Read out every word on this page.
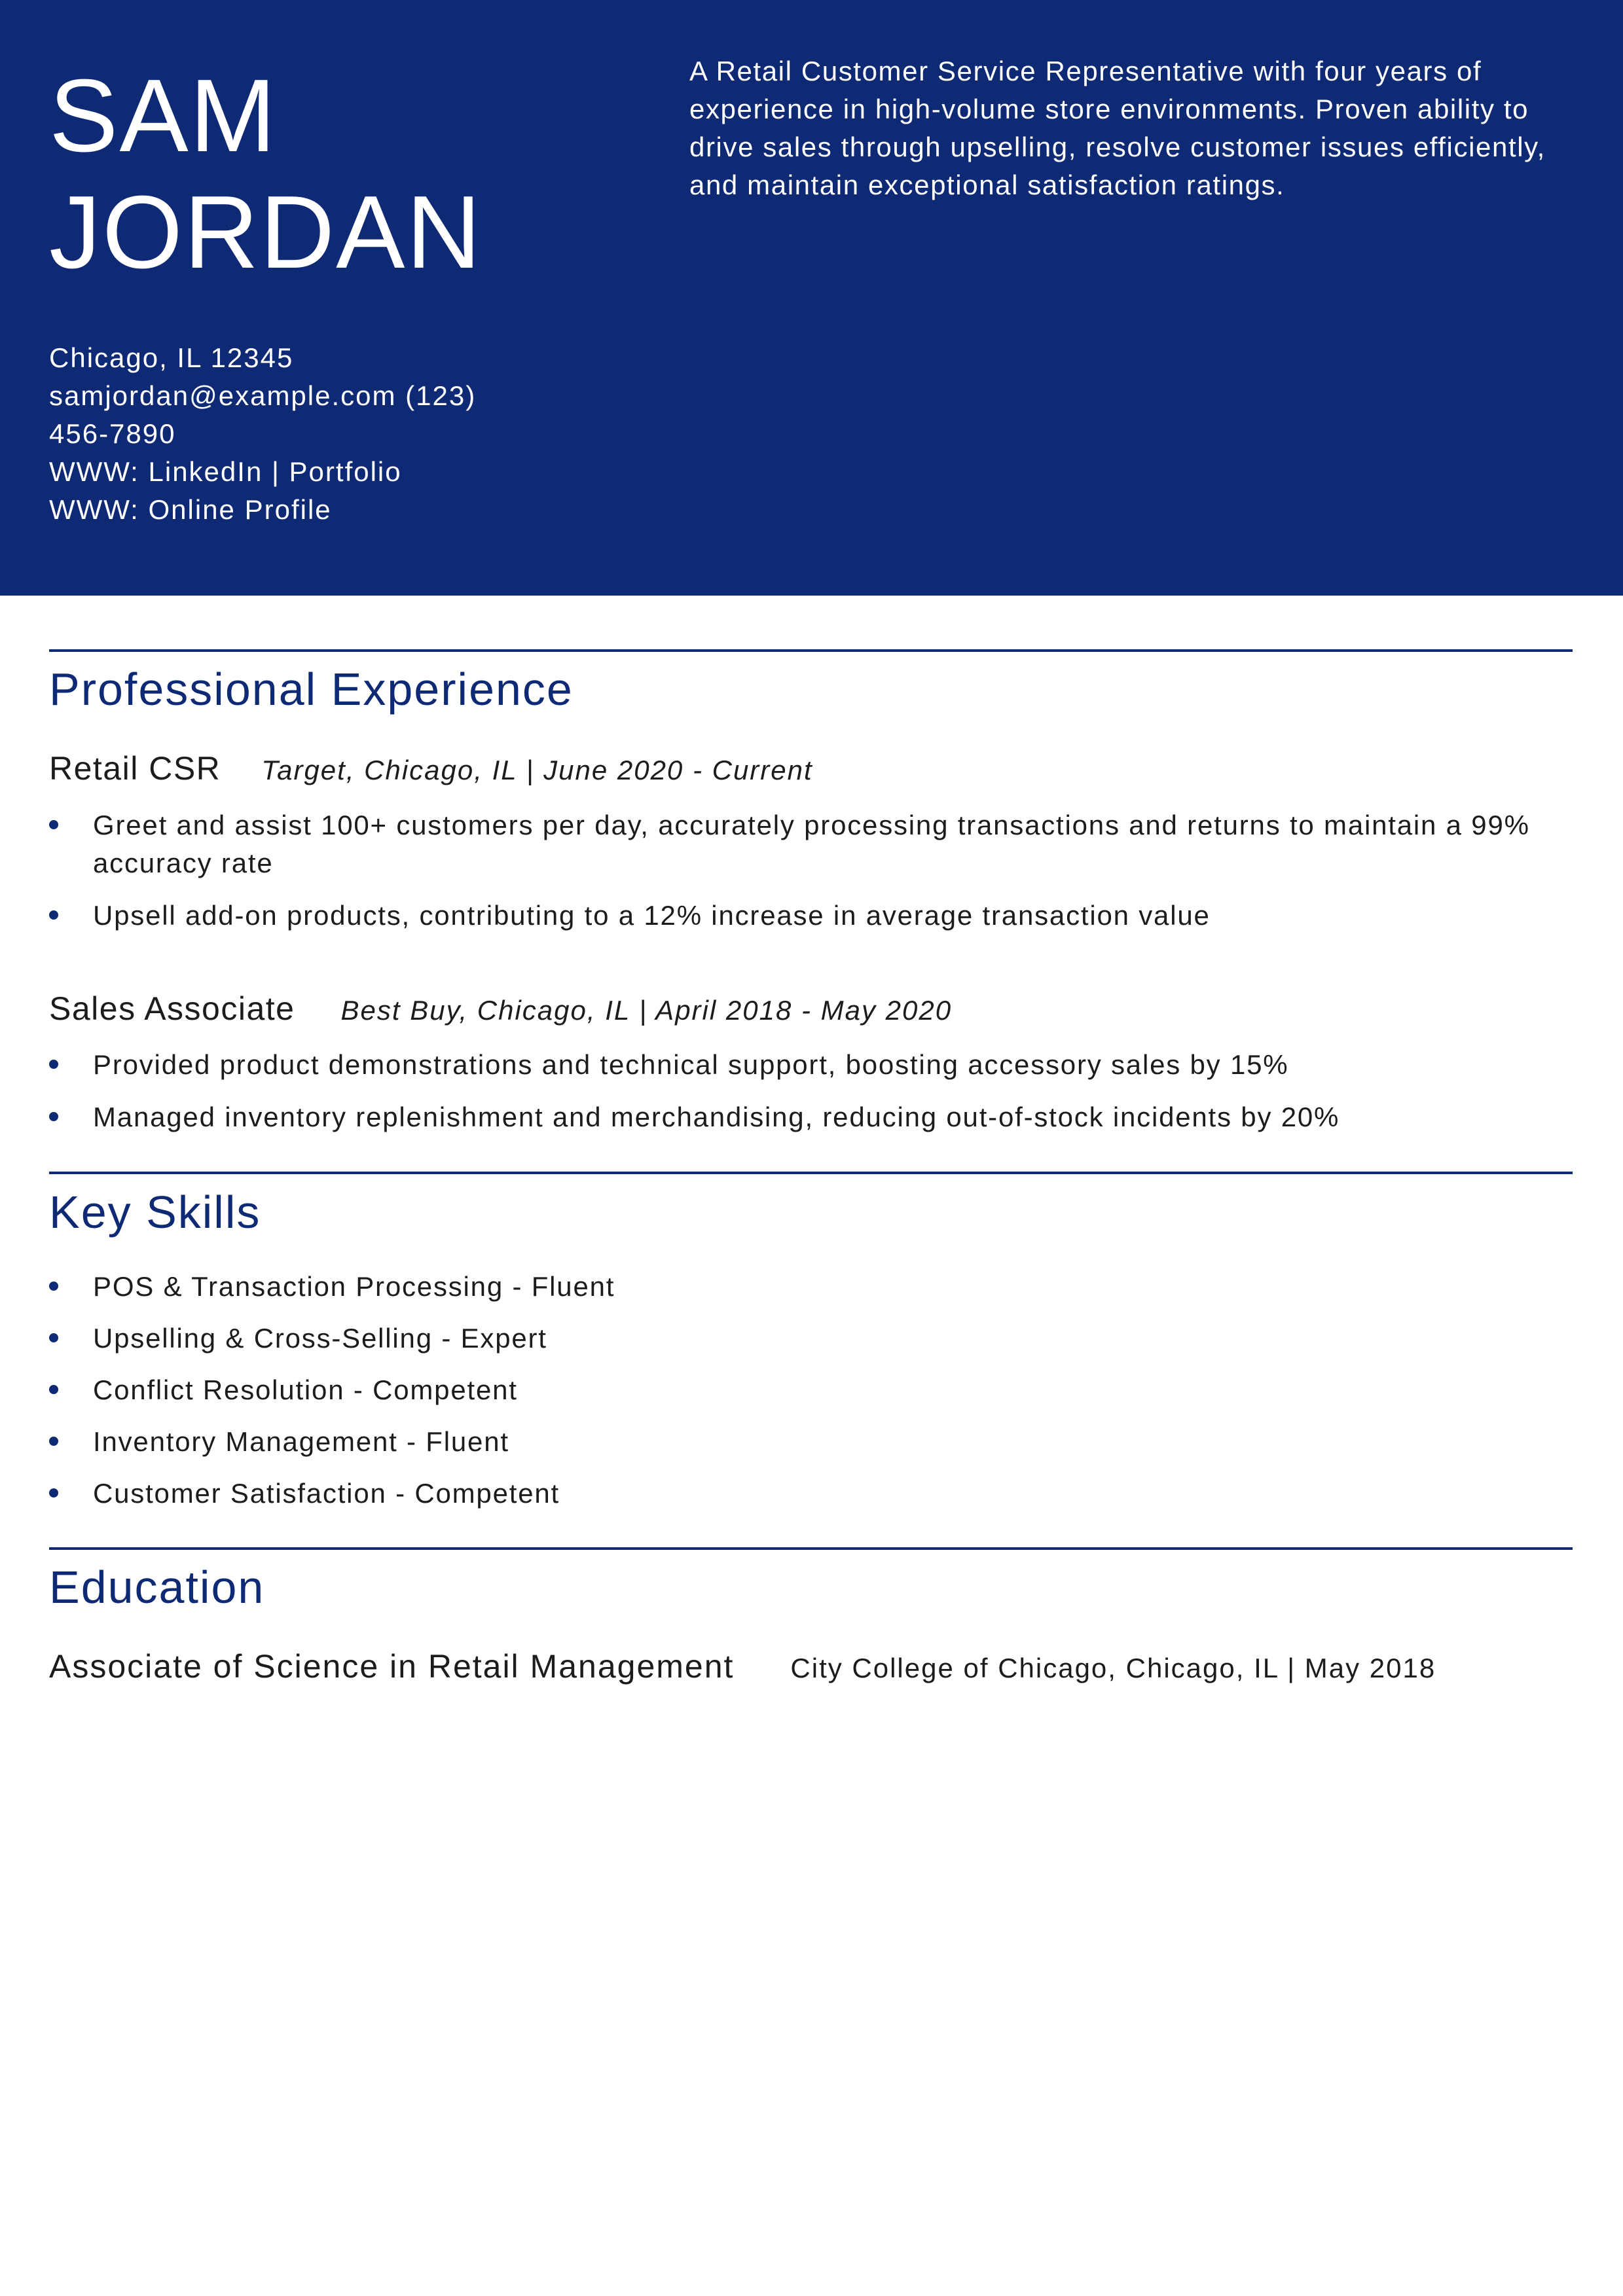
SAM
JORDAN
Chicago, IL 12345
samjordan@example.com (123)
456-7890
WWW: LinkedIn | Portfolio
WWW: Online Profile
A Retail Customer Service Representative with four years of experience in high-volume store environments. Proven ability to drive sales through upselling, resolve customer issues efficiently, and maintain exceptional satisfaction ratings.
Professional Experience
Retail CSR Target, Chicago, IL | June 2020 - Current
Greet and assist 100+ customers per day, accurately processing transactions and returns to maintain a 99% accuracy rate
Upsell add-on products, contributing to a 12% increase in average transaction value
Sales Associate Best Buy, Chicago, IL | April 2018 - May 2020
Provided product demonstrations and technical support, boosting accessory sales by 15%
Managed inventory replenishment and merchandising, reducing out-of-stock incidents by 20%
Key Skills
POS & Transaction Processing - Fluent
Upselling & Cross-Selling - Expert
Conflict Resolution - Competent
Inventory Management - Fluent
Customer Satisfaction - Competent
Education
Associate of Science in Retail Management City College of Chicago, Chicago, IL | May 2018
